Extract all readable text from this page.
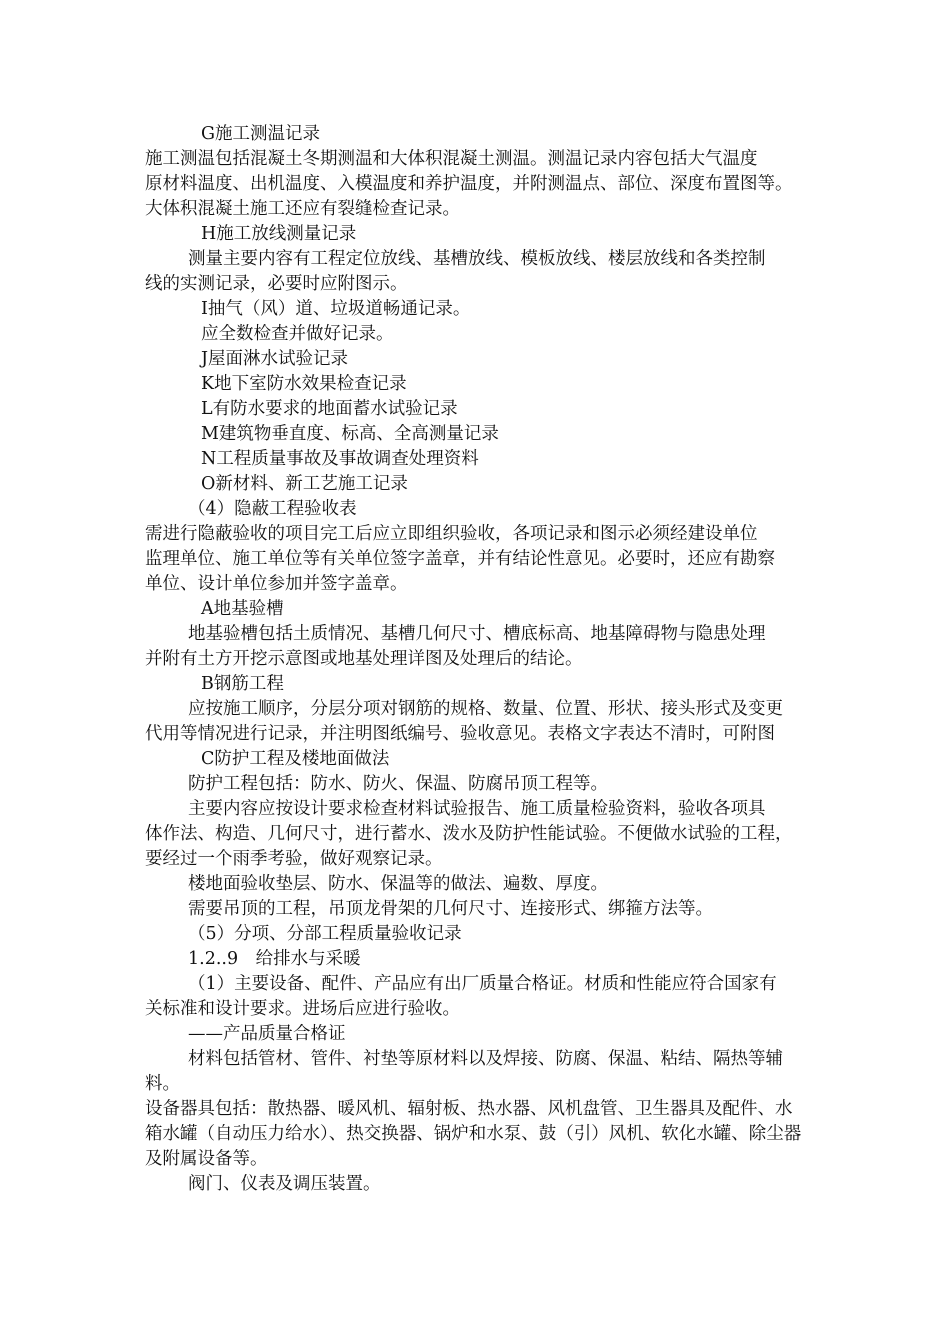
G施工测温记录
施工测温包括混凝土冬期测温和大体积混凝土测温。测温记录内容包括大气温度
原材料温度、出机温度、入模温度和养护温度，并附测温点、部位、深度布置图等。
大体积混凝土施工还应有裂缝检查记录。
H施工放线测量记录
测量主要内容有工程定位放线、基槽放线、模板放线、楼层放线和各类控制
线的实测记录，必要时应附图示。
I抽气（风）道、垃圾道畅通记录。
应全数检查并做好记录。
J屋面淋水试验记录
K地下室防水效果检查记录
L有防水要求的地面蓄水试验记录
M建筑物垂直度、标高、全高测量记录
N工程质量事故及事故调查处理资料
O新材料、新工艺施工记录
（4）隐蔽工程验收表
需进行隐蔽验收的项目完工后应立即组织验收，各项记录和图示必须经建设单位
监理单位、施工单位等有关单位签字盖章，并有结论性意见。必要时，还应有勘察
单位、设计单位参加并签字盖章。
A地基验槽
地基验槽包括土质情况、基槽几何尺寸、槽底标高、地基障碍物与隐患处理
并附有土方开挖示意图或地基处理详图及处理后的结论。
B钢筋工程
应按施工顺序，分层分项对钢筋的规格、数量、位置、形状、接头形式及变更
代用等情况进行记录，并注明图纸编号、验收意见。表格文字表达不清时，可附图
C防护工程及楼地面做法
防护工程包括：防水、防火、保温、防腐吊顶工程等。
主要内容应按设计要求检查材料试验报告、施工质量检验资料，验收各项具
体作法、构造、几何尺寸，进行蓄水、泼水及防护性能试验。不便做水试验的工程，
要经过一个雨季考验，做好观察记录。
楼地面验收垫层、防水、保温等的做法、遍数、厚度。
需要吊顶的工程，吊顶龙骨架的几何尺寸、连接形式、绑箍方法等。
（5）分项、分部工程质量验收记录
1.2..9　给排水与采暖
（1）主要设备、配件、产品应有出厂质量合格证。材质和性能应符合国家有
关标准和设计要求。进场后应进行验收。
——产品质量合格证
材料包括管材、管件、衬垫等原材料以及焊接、防腐、保温、粘结、隔热等辅
料。
设备器具包括：散热器、暖风机、辐射板、热水器、风机盘管、卫生器具及配件、水
箱水罐（自动压力给水）、热交换器、锅炉和水泵、鼓（引）风机、软化水罐、除尘器
及附属设备等。
阀门、仪表及调压装置。
